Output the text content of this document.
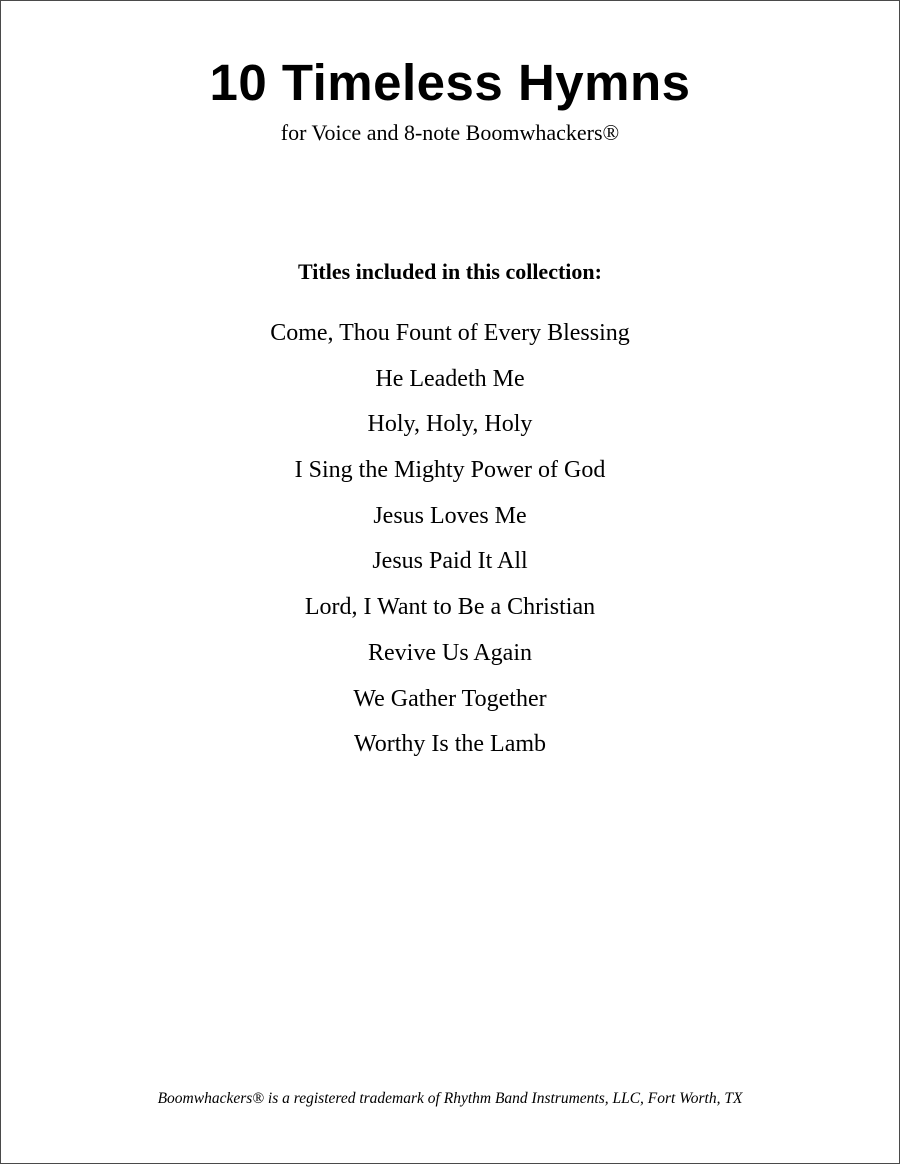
10 Timeless Hymns
for Voice and 8-note Boomwhackers®
Titles included in this collection:
Come, Thou Fount of Every Blessing
He Leadeth Me
Holy, Holy, Holy
I Sing the Mighty Power of God
Jesus Loves Me
Jesus Paid It All
Lord, I Want to Be a Christian
Revive Us Again
We Gather Together
Worthy Is the Lamb
Boomwhackers® is a registered trademark of Rhythm Band Instruments, LLC, Fort Worth, TX
